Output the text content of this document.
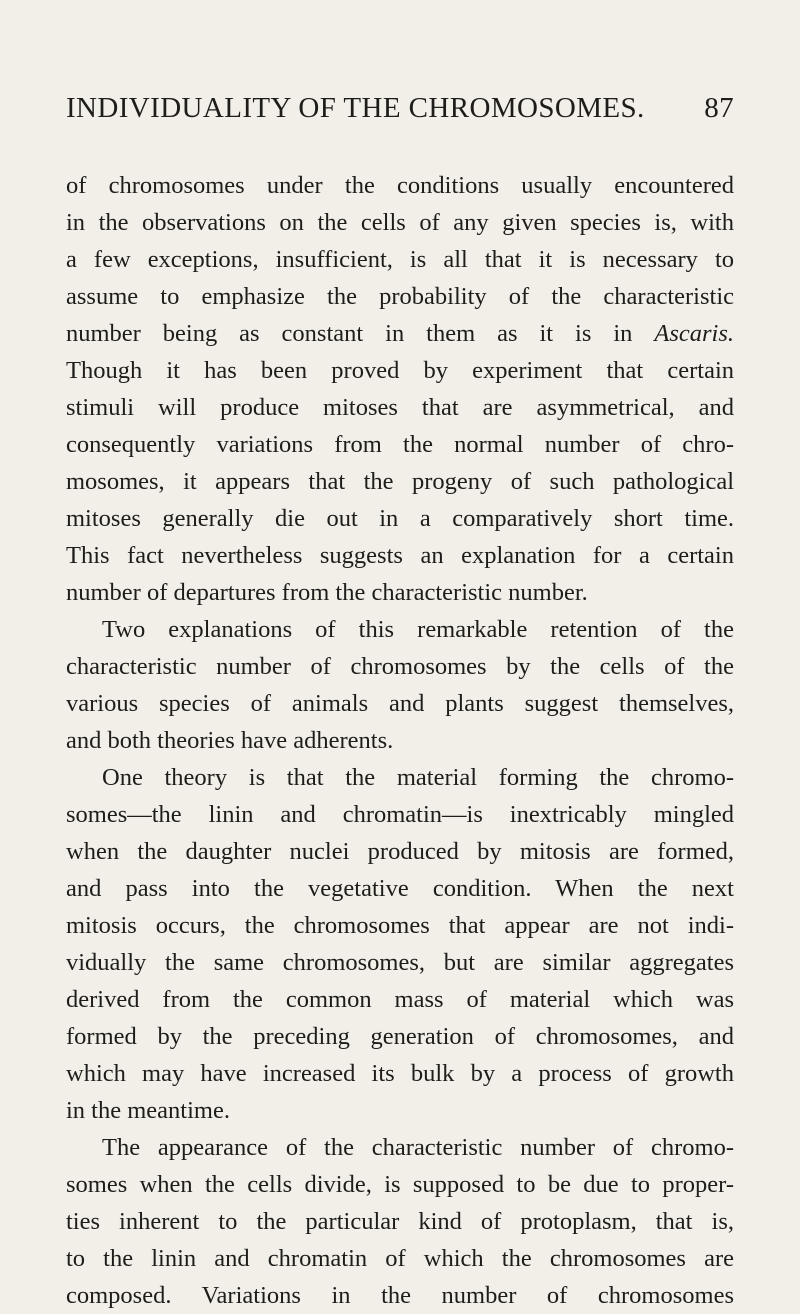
INDIVIDUALITY OF THE CHROMOSOMES. 87
of chromosomes under the conditions usually encountered
in the observations on the cells of any given species is, with
a few exceptions, insufficient, is all that it is necessary to
assume to emphasize the probability of the characteristic
number being as constant in them as it is in Ascaris.
Though it has been proved by experiment that certain
stimuli will produce mitoses that are asymmetrical, and
consequently variations from the normal number of chro-
mosomes, it appears that the progeny of such pathological
mitoses generally die out in a comparatively short time.
This fact nevertheless suggests an explanation for a certain
number of departures from the characteristic number.
Two explanations of this remarkable retention of the
characteristic number of chromosomes by the cells of the
various species of animals and plants suggest themselves,
and both theories have adherents.
One theory is that the material forming the chromo-
somes—the linin and chromatin—is inextricably mingled
when the daughter nuclei produced by mitosis are formed,
and pass into the vegetative condition. When the next
mitosis occurs, the chromosomes that appear are not indi-
vidually the same chromosomes, but are similar aggregates
derived from the common mass of material which was
formed by the preceding generation of chromosomes, and
which may have increased its bulk by a process of growth
in the meantime.
The appearance of the characteristic number of chromo-
somes when the cells divide, is supposed to be due to proper-
ties inherent to the particular kind of protoplasm, that is,
to the linin and chromatin of which the chromosomes are
composed. Variations in the number of chromosomes
